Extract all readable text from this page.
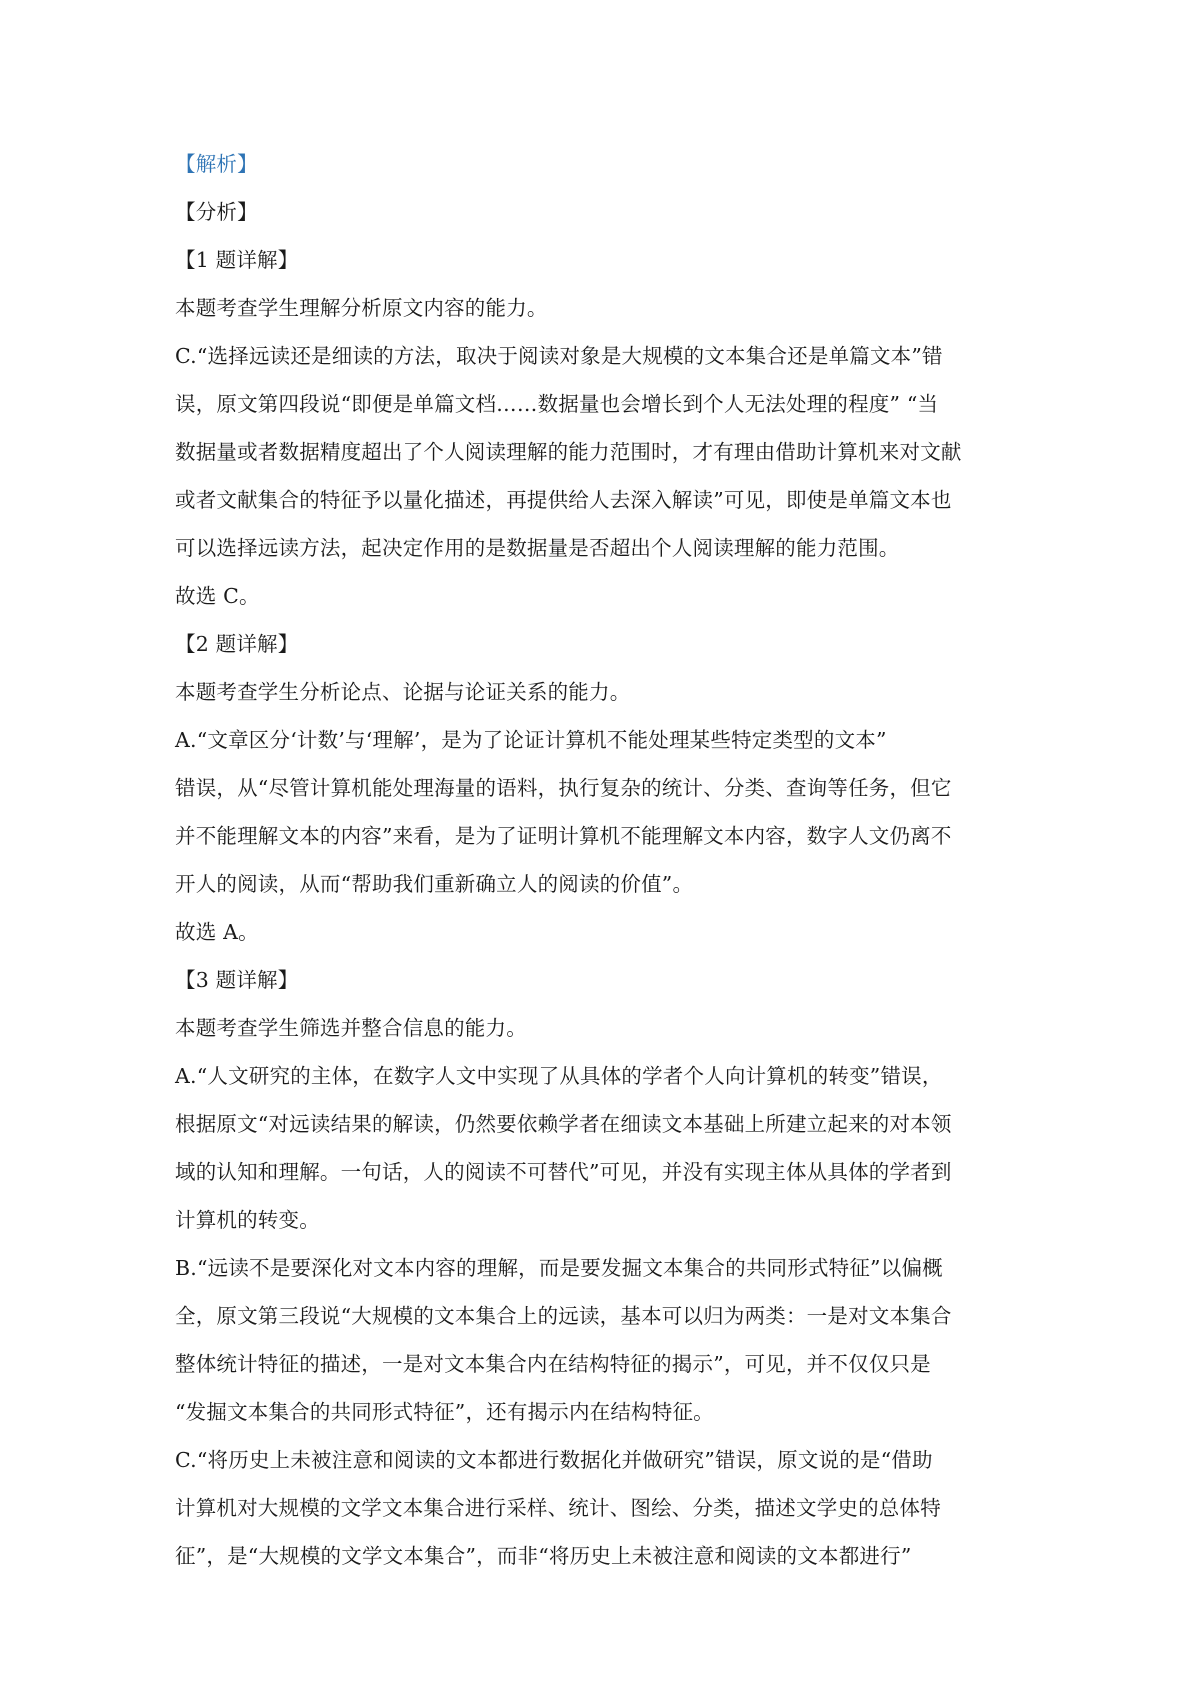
【解析】
【分析】
【1 题详解】
本题考查学生理解分析原文内容的能力。
C.“选择远读还是细读的方法，取决于阅读对象是大规模的文本集合还是单篇文本”错
误，原文第四段说“即便是单篇文档……数据量也会增长到个人无法处理的程度” “当
数据量或者数据精度超出了个人阅读理解的能力范围时，才有理由借助计算机来对文献
或者文献集合的特征予以量化描述，再提供给人去深入解读”可见，即使是单篇文本也
可以选择远读方法，起决定作用的是数据量是否超出个人阅读理解的能力范围。
故选 C。
【2 题详解】
本题考查学生分析论点、论据与论证关系的能力。
A.“文章区分‘计数’与‘理解’，是为了论证计算机不能处理某些特定类型的文本”
错误，从“尽管计算机能处理海量的语料，执行复杂的统计、分类、查询等任务，但它
并不能理解文本的内容”来看，是为了证明计算机不能理解文本内容，数字人文仍离不
开人的阅读，从而“帮助我们重新确立人的阅读的价值”。
故选 A。
【3 题详解】
本题考查学生筛选并整合信息的能力。
A.“人文研究的主体，在数字人文中实现了从具体的学者个人向计算机的转变”错误，
根据原文“对远读结果的解读，仍然要依赖学者在细读文本基础上所建立起来的对本领
域的认知和理解。一句话，人的阅读不可替代”可见，并没有实现主体从具体的学者到
计算机的转变。
B.“远读不是要深化对文本内容的理解，而是要发掘文本集合的共同形式特征”以偏概
全，原文第三段说“大规模的文本集合上的远读，基本可以归为两类：一是对文本集合
整体统计特征的描述，一是对文本集合内在结构特征的揭示”，可见，并不仅仅只是
“发掘文本集合的共同形式特征”，还有揭示内在结构特征。
C.“将历史上未被注意和阅读的文本都进行数据化并做研究”错误，原文说的是“借助
计算机对大规模的文学文本集合进行采样、统计、图绘、分类，描述文学史的总体特
征”，是“大规模的文学文本集合”，而非“将历史上未被注意和阅读的文本都进行”
